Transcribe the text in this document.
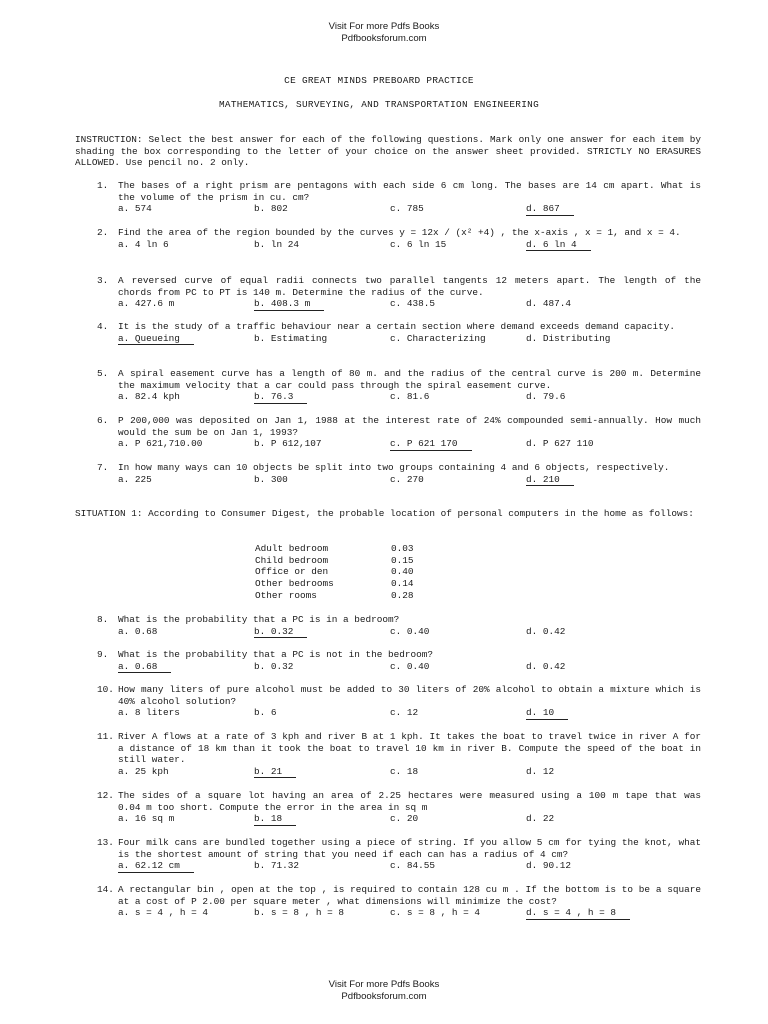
Visit For more Pdfs Books
Pdfbooksforum.com
CE GREAT MINDS PREBOARD PRACTICE
MATHEMATICS, SURVEYING, AND TRANSPORTATION ENGINEERING
INSTRUCTION: Select the best answer for each of the following questions. Mark only one answer for each item by shading the box corresponding to the letter of your choice on the answer sheet provided. STRICTLY NO ERASURES ALLOWED. Use pencil no. 2 only.
1.	The bases of a right prism are pentagons with each side 6 cm long. The bases are 14 cm apart. What is the volume of the prism in cu. cm?
a. 574	b. 802	c. 785	d. 867
2.	Find the area of the region bounded by the curves y = 12x / (x² +4) , the x-axis , x = 1, and x = 4.
a. 4 ln 6	b. ln 24	c. 6 ln 15	d. 6 ln 4
3.	A reversed curve of equal radii connects two parallel tangents 12 meters apart. The length of the chords from PC to PT is 140 m. Determine the radius of the curve.
a. 427.6 m	b. 408.3 m	c. 438.5	d. 487.4
4.	It is the study of a traffic behaviour near a certain section where demand exceeds demand capacity.
a. Queueing	b. Estimating	c. Characterizing	d. Distributing
5.	A spiral easement curve has a length of 80 m. and the radius of the central curve is 200 m. Determine the maximum velocity that a car could pass through the spiral easement curve.
a. 82.4 kph	b. 76.3	c. 81.6	d. 79.6
6.	P 200,000 was deposited on Jan 1, 1988 at the interest rate of 24% compounded semi-annually. How much would the sum be on Jan 1, 1993?
a. P 621,710.00	b. P 612,107	c. P 621 170	d. P 627 110
7.	In how many ways can 10 objects be split into two groups containing 4 and 6 objects, respectively.
a. 225	b. 300	c. 270	d. 210
SITUATION 1: According to Consumer Digest, the probable location of personal computers in the home as follows:
Adult bedroom	0.03
Child bedroom	0.15
Office or den	0.40
Other bedrooms	0.14
Other rooms	0.28
8.	What is the probability that a PC is in a bedroom?
a. 0.68	b. 0.32	c. 0.40	d. 0.42
9.	What is the probability that a PC is not in the bedroom?
a. 0.68	b. 0.32	c. 0.40	d. 0.42
10. How many liters of pure alcohol must be added to 30 liters of 20% alcohol to obtain a mixture which is 40% alcohol solution?
a. 8 liters	b. 6	c. 12	d. 10
11. River A flows at a rate of 3 kph and river B at 1 kph. It takes the boat to travel twice in river A for a distance of 18 km than it took the boat to travel 10 km in river B. Compute the speed of the boat in still water.
a. 25 kph	b. 21	c. 18	d. 12
12. The sides of a square lot having an area of 2.25 hectares were measured using a 100 m tape that was 0.04 m too short. Compute the error in the area in sq m
a. 16 sq m	b. 18	c. 20	d. 22
13. Four milk cans are bundled together using a piece of string. If you allow 5 cm for tying the knot, what is the shortest amount of string that you need if each can has a radius of 4 cm?
a. 62.12 cm	b. 71.32	c. 84.55	d. 90.12
14. A rectangular bin , open at the top , is required to contain 128 cu m . If the bottom is to be a square at a cost of P 2.00 per square meter , what dimensions will minimize the cost?
a. s = 4 , h = 4	b. s = 8 , h = 8	c. s = 8 , h = 4	d. s = 4 , h = 8
Visit For more Pdfs Books
Pdfbooksforum.com
